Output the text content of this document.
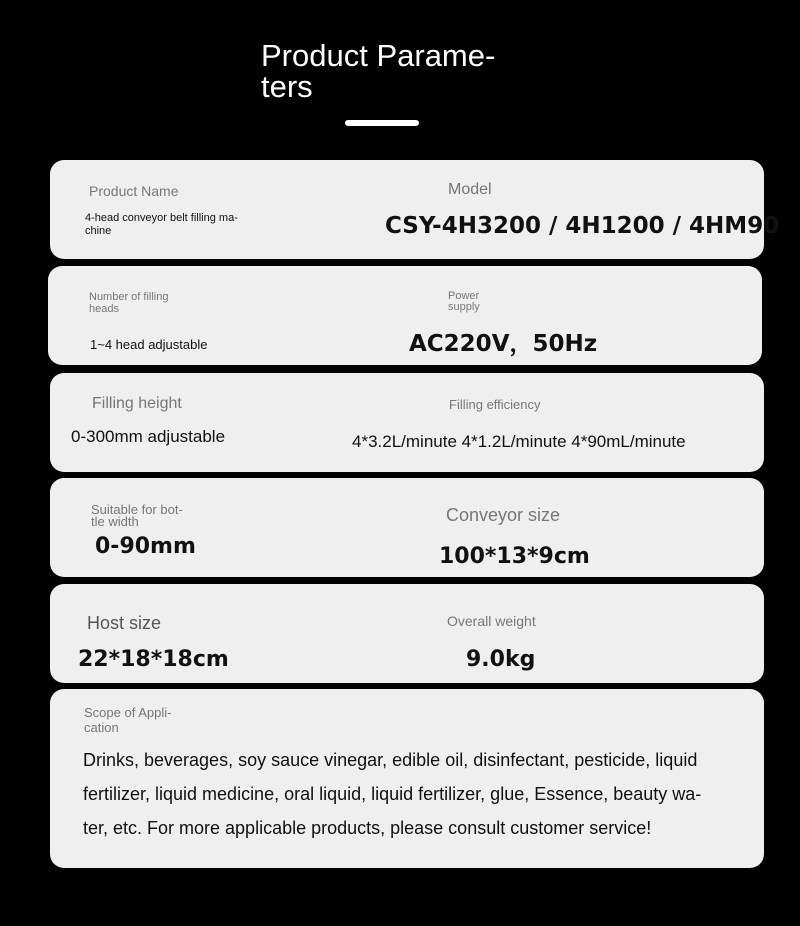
Product Parame-
ters
Product Name
4-head conveyor belt filling ma-
chine
Model
CSY-4H3200 / 4H1200 / 4HM90
Number of filling
heads
1~4 head adjustable
Power
supply
AC220V，50Hz
Filling height
0-300mm adjustable
Filling efficiency
4*3.2L/minute 4*1.2L/minute 4*90mL/minute
Suitable for bot-
tle width
0-90mm
Conveyor size
100*13*9cm
Host size
22*18*18cm
Overall weight
9.0kg
Scope of Appli-
cation
Drinks, beverages, soy sauce vinegar, edible oil, disinfectant, pesticide, liquid fertilizer, liquid medicine, oral liquid, liquid fertilizer, glue, Essence, beauty wa-ter, etc. For more applicable products, please consult customer service!
